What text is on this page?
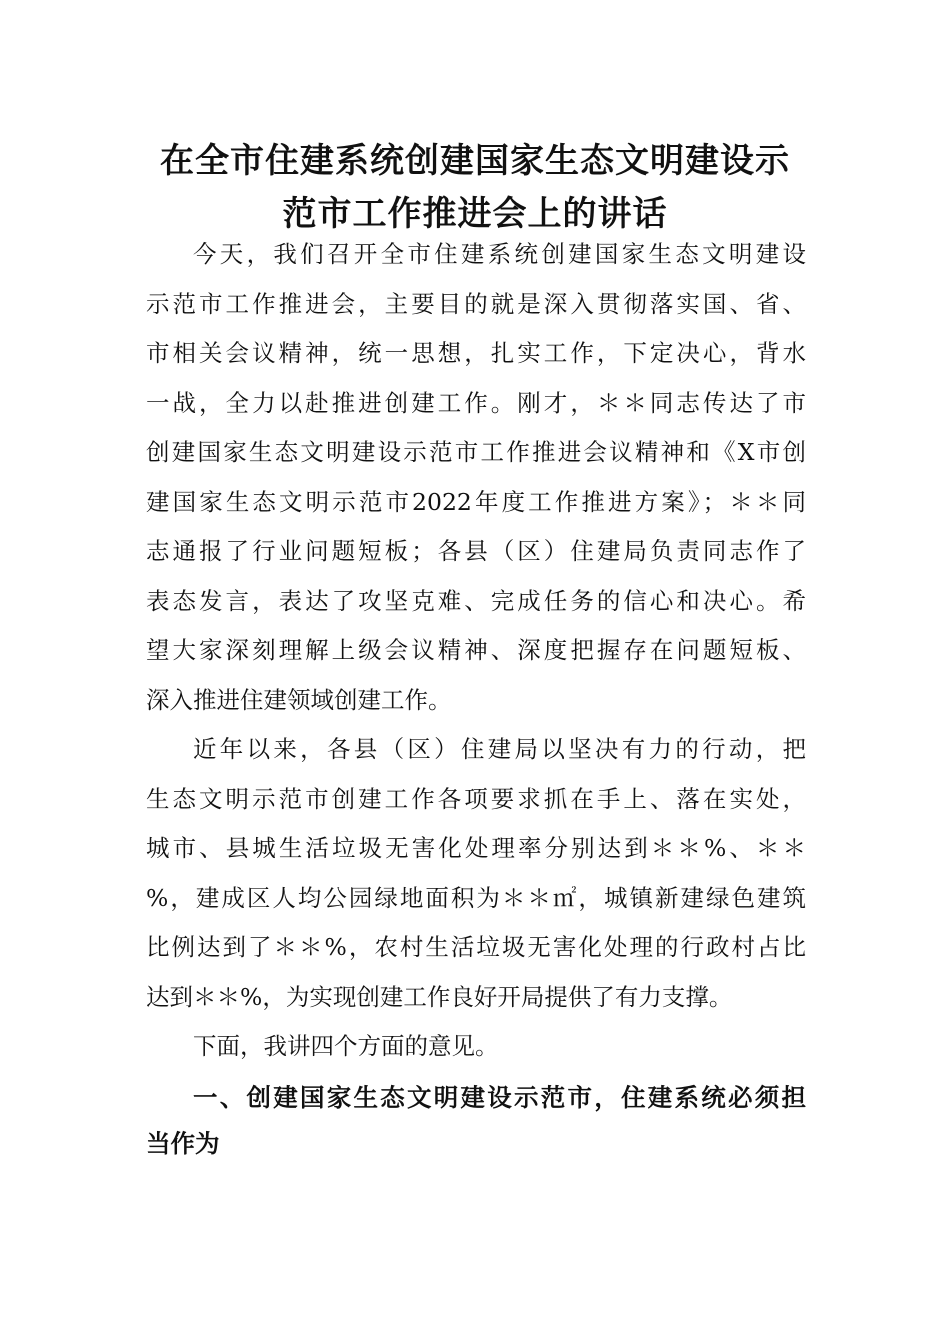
在全市住建系统创建国家生态文明建设示
范市工作推进会上的讲话
今天，我们召开全市住建系统创建国家生态文明建设
示范市工作推进会，主要目的就是深入贯彻落实国、省、
市相关会议精神，统一思想，扎实工作，下定决心，背水
一战，全力以赴推进创建工作。刚才，＊＊同志传达了市
创建国家生态文明建设示范市工作推进会议精神和《X市创
建国家生态文明示范市2022年度工作推进方案》；＊＊同
志通报了行业问题短板；各县（区）住建局负责同志作了
表态发言，表达了攻坚克难、完成任务的信心和决心。希
望大家深刻理解上级会议精神、深度把握存在问题短板、
深入推进住建领域创建工作。
近年以来，各县（区）住建局以坚决有力的行动，把
生态文明示范市创建工作各项要求抓在手上、落在实处，
城市、县城生活垃圾无害化处理率分别达到＊＊%、＊＊
%，建成区人均公园绿地面积为＊＊㎡，城镇新建绿色建筑
比例达到了＊＊%，农村生活垃圾无害化处理的行政村占比
达到＊＊%，为实现创建工作良好开局提供了有力支撑。
下面，我讲四个方面的意见。
一、创建国家生态文明建设示范市，住建系统必须担
当作为
